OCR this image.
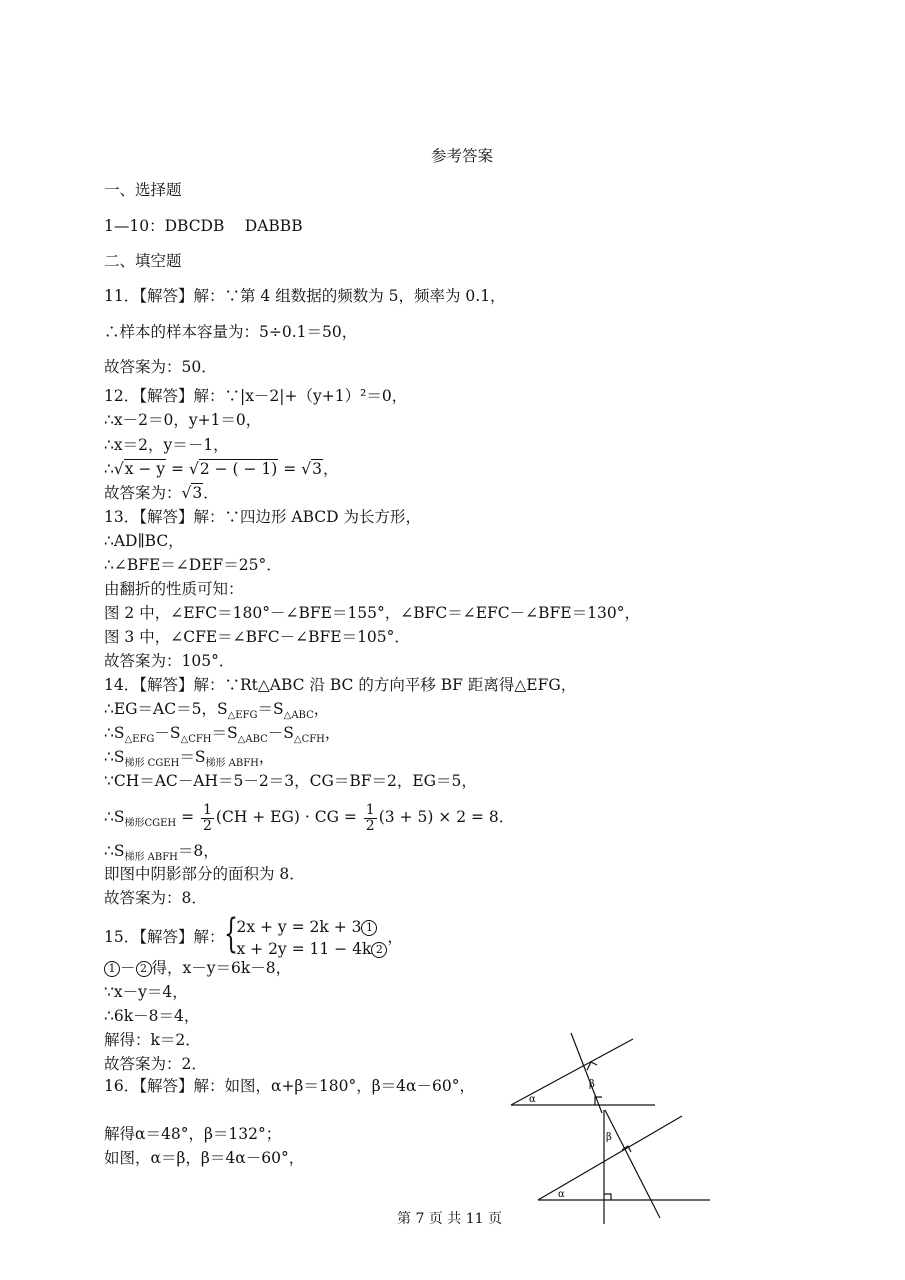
参考答案
一、选择题
1—10：DBCDB　 DABBB
二、填空题
11．【解答】解：∵第 4 组数据的频数为 5，频率为 0.1，
∴样本的样本容量为：5÷0.1＝50，
故答案为：50．
12．【解答】解：∵|x－2|+（y+1）²＝0，
∴x－2＝0，y+1＝0，
∴x＝2，y＝－1，
∴√x − y = √2 − ( − 1) = √3，
故答案为：√3．
13．【解答】解：∵四边形 ABCD 为长方形，
∴AD∥BC，
∴∠BFE＝∠DEF＝25°．
由翻折的性质可知：
图 2 中，∠EFC＝180°－∠BFE＝155°，∠BFC＝∠EFC－∠BFE＝130°，
图 3 中，∠CFE＝∠BFC－∠BFE＝105°．
故答案为：105°．
14．【解答】解：∵Rt△ABC 沿 BC 的方向平移 BF 距离得△EFG，
∴EG＝AC＝5，$S_{\triangle EFG}=S_{\triangle ABC}$，
$\therefore S_{\triangle EFG}-S_{\triangle CFH}=S_{\triangle ABC}-S_{\triangle CFH}$，
$\therefore S_{梯形 CGEH}=S_{梯形 ABFH}$，
∵CH＝AC－AH＝5－2＝3，CG＝BF＝2，EG＝5，
$\therefore S_{梯形CGEH} = \frac{1}{2} (CH + EG)$ · CG = $\frac{1}{2} (3 + 5) \times 2 = 8$．
$\therefore S_{梯形 ABFH}=8$，
即图中阴影部分的面积为 8．
故答案为：8．
15．【解答】解： {
2x + y = 2k + 3 1
x + 2y = 11 − 4k 2
，
1 － 2 得，x－y＝6k－8，
∵x－y＝4，
∴6k－8＝4，
解得：k＝2．
故答案为：2．
16．【解答】解：如图，α+β＝180°，β＝4α－60°，
解得α＝48°，β＝132°；
如图，α＝β，β＝4α－60°，
α
β
α
β
第 7 页 共 11 页
